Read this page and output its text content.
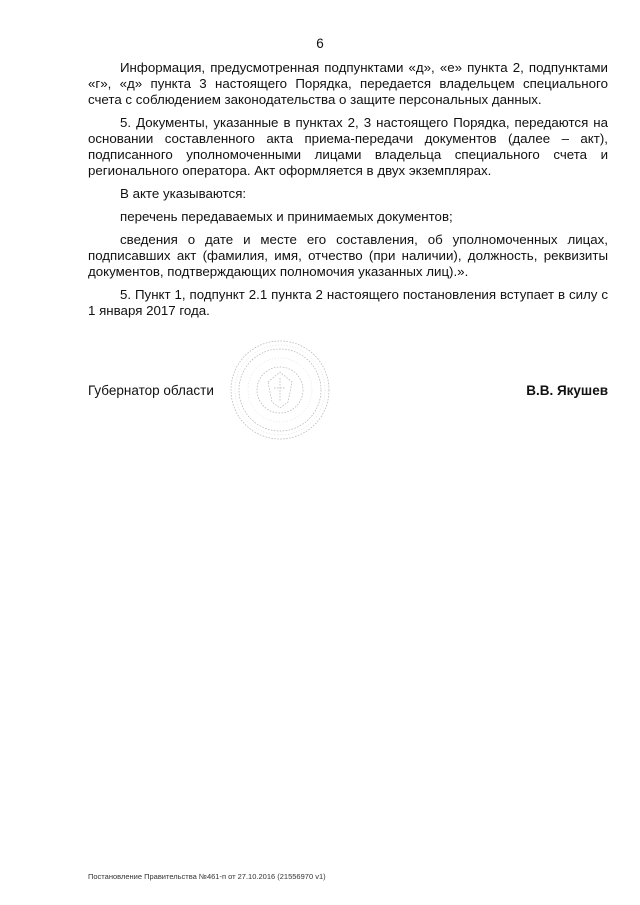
6

Информация, предусмотренная подпунктами «д», «е» пункта 2, подпунктами «г», «д» пункта 3 настоящего Порядка, передается владельцем специального счета с соблюдением законодательства о защите персональных данных.

5. Документы, указанные в пунктах 2, 3 настоящего Порядка, передаются на основании составленного акта приема-передачи документов (далее – акт), подписанного уполномоченными лицами владельца специального счета и регионального оператора. Акт оформляется в двух экземплярах.

В акте указываются:

перечень передаваемых и принимаемых документов;

сведения о дате и месте его составления, об уполномоченных лицах, подписавших акт (фамилия, имя, отчество (при наличии), должность, реквизиты документов, подтверждающих полномочия указанных лиц).».

5. Пункт 1, подпункт 2.1 пункта 2 настоящего постановления вступает в силу с 1 января 2017 года.

Губернатор области	В.В. Якушев
Постановление Правительства №461-п от 27.10.2016 (21556970 v1)
